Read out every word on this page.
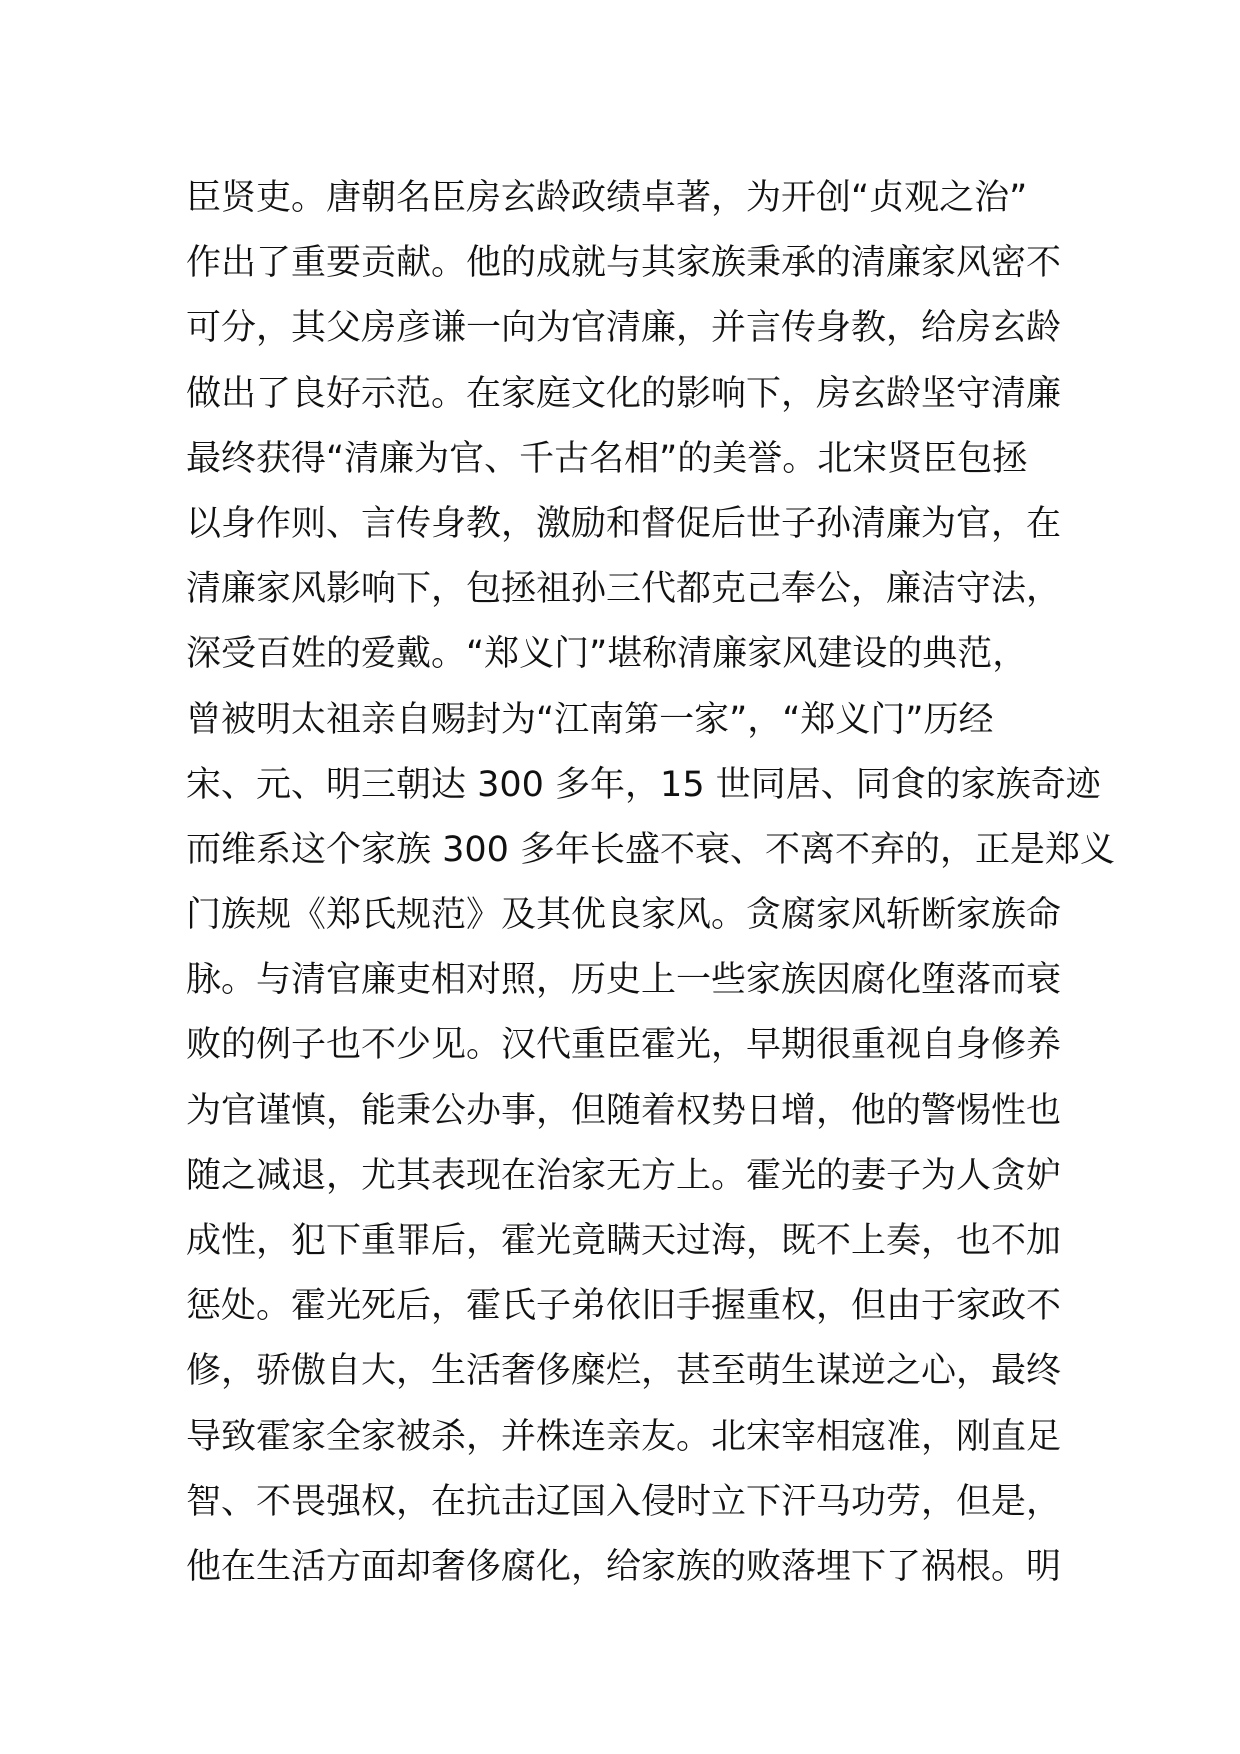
臣贤吏。唐朝名臣房玄龄政绩卓著，为开创“贞观之治”
作出了重要贡献。他的成就与其家族秉承的清廉家风密不
可分，其父房彦谦一向为官清廉，并言传身教，给房玄龄
做出了良好示范。在家庭文化的影响下，房玄龄坚守清廉
最终获得“清廉为官、千古名相”的美誉。北宋贤臣包拯
以身作则、言传身教，激励和督促后世子孙清廉为官，在
清廉家风影响下，包拯祖孙三代都克己奉公，廉洁守法，
深受百姓的爱戴。“郑义门”堪称清廉家风建设的典范，
曾被明太祖亲自赐封为“江南第一家”，“郑义门”历经
宋、元、明三朝达 300 多年，15 世同居、同食的家族奇迹
而维系这个家族 300 多年长盛不衰、不离不弃的，正是郑义
门族规《郑氏规范》及其优良家风。贪腐家风斩断家族命
脉。与清官廉吏相对照，历史上一些家族因腐化堕落而衰
败的例子也不少见。汉代重臣霍光，早期很重视自身修养
为官谨慎，能秉公办事，但随着权势日增，他的警惕性也
随之减退，尤其表现在治家无方上。霍光的妻子为人贪妒
成性，犯下重罪后，霍光竟瞒天过海，既不上奏，也不加
惩处。霍光死后，霍氏子弟依旧手握重权，但由于家政不
修，骄傲自大，生活奢侈糜烂，甚至萌生谋逆之心，最终
导致霍家全家被杀，并株连亲友。北宋宰相寇准，刚直足
智、不畏强权，在抗击辽国入侵时立下汗马功劳，但是，
他在生活方面却奢侈腐化，给家族的败落埋下了祸根。明
